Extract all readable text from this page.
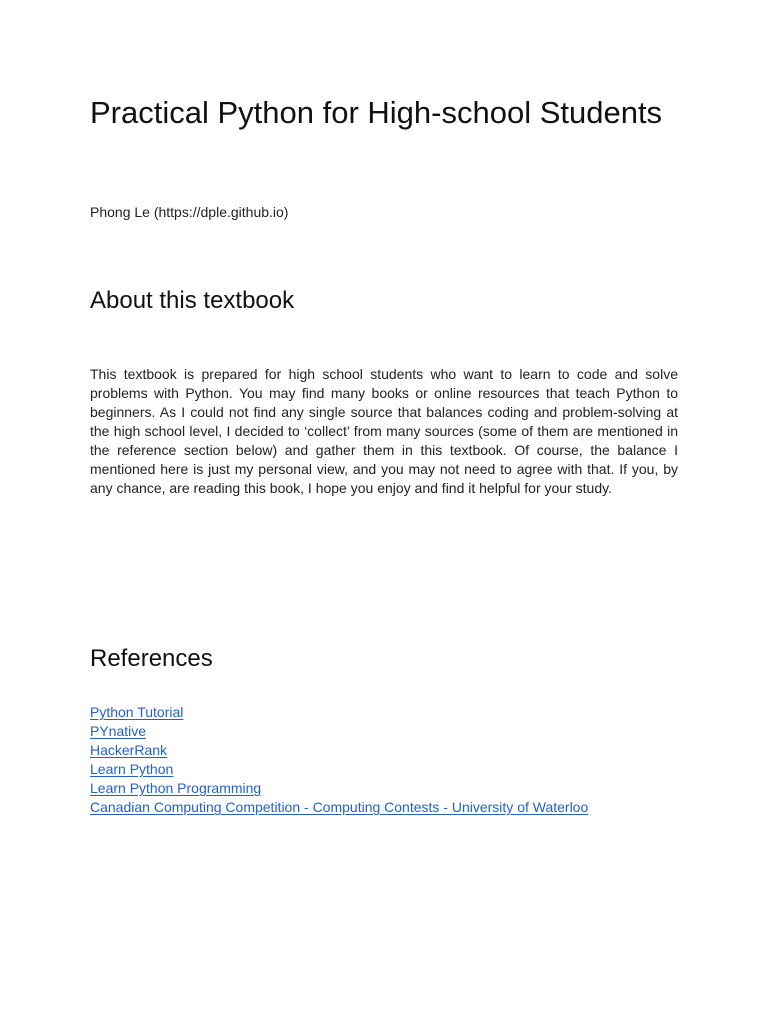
Practical Python for High-school Students

Phong Le (https://dple.github.io)

About this textbook

This textbook is prepared for high school students who want to learn to code and solve problems with Python. You may find many books or online resources that teach Python to beginners. As I could not find any single source that balances coding and problem-solving at the high school level, I decided to ‘collect’ from many sources (some of them are mentioned in the reference section below) and gather them in this textbook. Of course, the balance I mentioned here is just my personal view, and you may not need to agree with that. If you, by any chance, are reading this book, I hope you enjoy and find it helpful for your study.

References
Python Tutorial
PYnative
HackerRank
Learn Python
Learn Python Programming
Canadian Computing Competition - Computing Contests - University of Waterloo
